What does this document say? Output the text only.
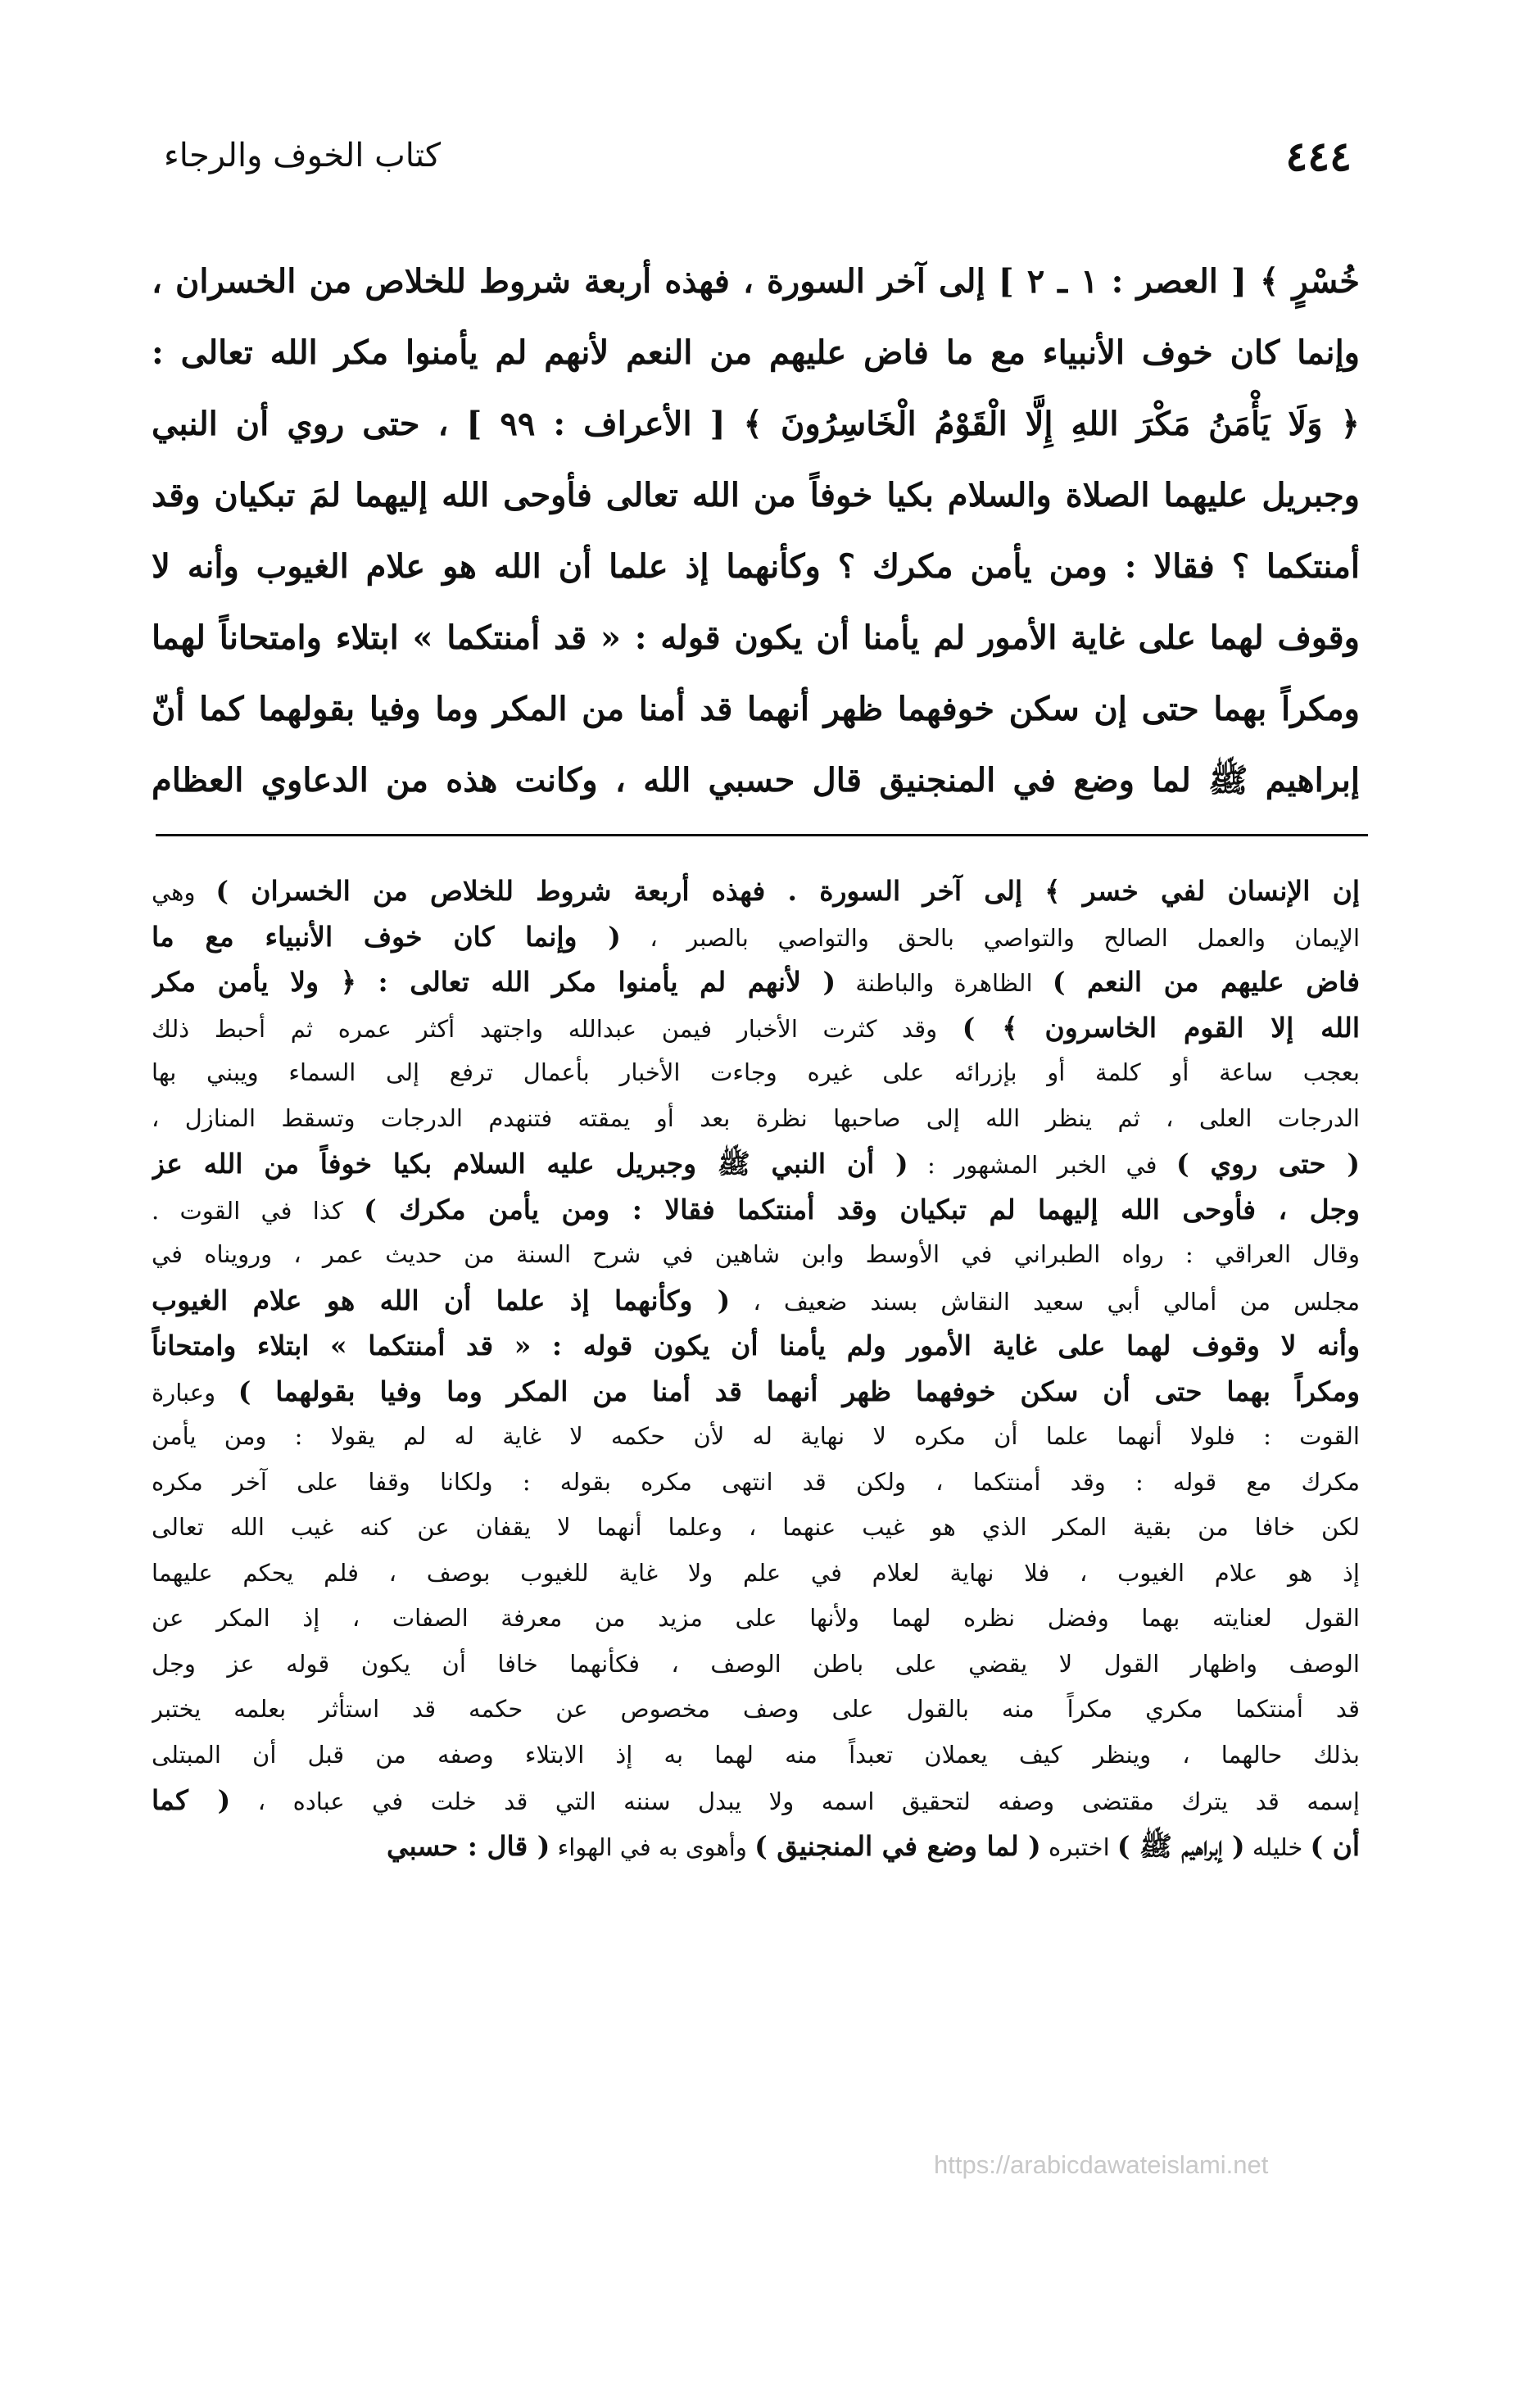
٤٤٤
كتاب الخوف والرجاء
خُسْرٍ ﴾ [ العصر : ١ ـ ٢ ] إلى آخر السورة ، فهذه أربعة شروط للخلاص من الخسران ،
وإنما كان خوف الأنبياء مع ما فاض عليهم من النعم لأنهم لم يأمنوا مكر الله تعالى :
﴿ وَلَا يَأْمَنُ مَكْرَ اللهِ إِلَّا الْقَوْمُ الْخَاسِرُونَ ﴾ [ الأعراف : ٩٩ ] ، حتى روي أن النبي
وجبريل عليهما الصلاة والسلام بكيا خوفاً من الله تعالى فأوحى الله إليهما لمَ تبكيان وقد
أمنتكما ؟ فقالا : ومن يأمن مكرك ؟ وكأنهما إذ علما أن الله هو علام الغيوب وأنه لا
وقوف لهما على غاية الأمور لم يأمنا أن يكون قوله : « قد أمنتكما » ابتلاء وامتحاناً لهما
ومكراً بهما حتى إن سكن خوفهما ظهر أنهما قد أمنا من المكر وما وفيا بقولهما كما أنّ
إبراهيم ﷺ لما وضع في المنجنيق قال حسبي الله ، وكانت هذه من الدعاوي العظام
إن الإنسان لفي خسر ﴾ إلى آخر السورة . فهذه أربعة شروط للخلاص من الخسران ) وهي
الإيمان والعمل الصالح والتواصي بالحق والتواصي بالصبر ، ( وإنما كان خوف الأنبياء مع ما
فاض عليهم من النعم ) الظاهرة والباطنة ( لأنهم لم يأمنوا مكر الله تعالى : ﴿ ولا يأمن مكر
الله إلا القوم الخاسرون ﴾ ) وقد كثرت الأخبار فيمن عبدالله واجتهد أكثر عمره ثم أحبط ذلك
بعجب ساعة أو كلمة أو بإزرائه على غيره وجاءت الأخبار بأعمال ترفع إلى السماء ويبني بها
الدرجات العلى ، ثم ينظر الله إلى صاحبها نظرة بعد أو يمقته فتنهدم الدرجات وتسقط المنازل ،
( حتى روي ) في الخبر المشهور : ( أن النبي ﷺ وجبريل عليه السلام بكيا خوفاً من الله عز
وجل ، فأوحى الله إليهما لم تبكيان وقد أمنتكما فقالا : ومن يأمن مكرك ) كذا في القوت .
وقال العراقي : رواه الطبراني في الأوسط وابن شاهين في شرح السنة من حديث عمر ، ورويناه في
مجلس من أمالي أبي سعيد النقاش بسند ضعيف ، ( وكأنهما إذ علما أن الله هو علام الغيوب
وأنه لا وقوف لهما على غاية الأمور ولم يأمنا أن يكون قوله : « قد أمنتكما » ابتلاء وامتحاناً
ومكراً بهما حتى أن سكن خوفهما ظهر أنهما قد أمنا من المكر وما وفيا بقولهما ) وعبارة
القوت : فلولا أنهما علما أن مكره لا نهاية له لأن حكمه لا غاية له لم يقولا : ومن يأمن
مكرك مع قوله : وقد أمنتكما ، ولكن قد انتهى مكره بقوله : ولكانا وقفا على آخر مكره
لكن خافا من بقية المكر الذي هو غيب عنهما ، وعلما أنهما لا يقفان عن كنه غيب الله تعالى
إذ هو علام الغيوب ، فلا نهاية لعلام في علم ولا غاية للغيوب بوصف ، فلم يحكم عليهما
القول لعنايته بهما وفضل نظره لهما ولأنها على مزيد من معرفة الصفات ، إذ المكر عن
الوصف واظهار القول لا يقضي على باطن الوصف ، فكأنهما خافا أن يكون قوله عز وجل
قد أمنتكما مكري مكراً منه بالقول على وصف مخصوص عن حكمه قد استأثر بعلمه يختبر
بذلك حالهما ، وينظر كيف يعملان تعبداً منه لهما به إذ الابتلاء وصفه من قبل أن المبتلى
إسمه قد يترك مقتضى وصفه لتحقيق اسمه ولا يبدل سننه التي قد خلت في عباده ، ( كما
أن ) خليله ( إبراهيم ﷺ ) اختبره ( لما وضع في المنجنيق ) وأهوى به في الهواء ( قال : حسبي
https://arabicdawateislami.net
